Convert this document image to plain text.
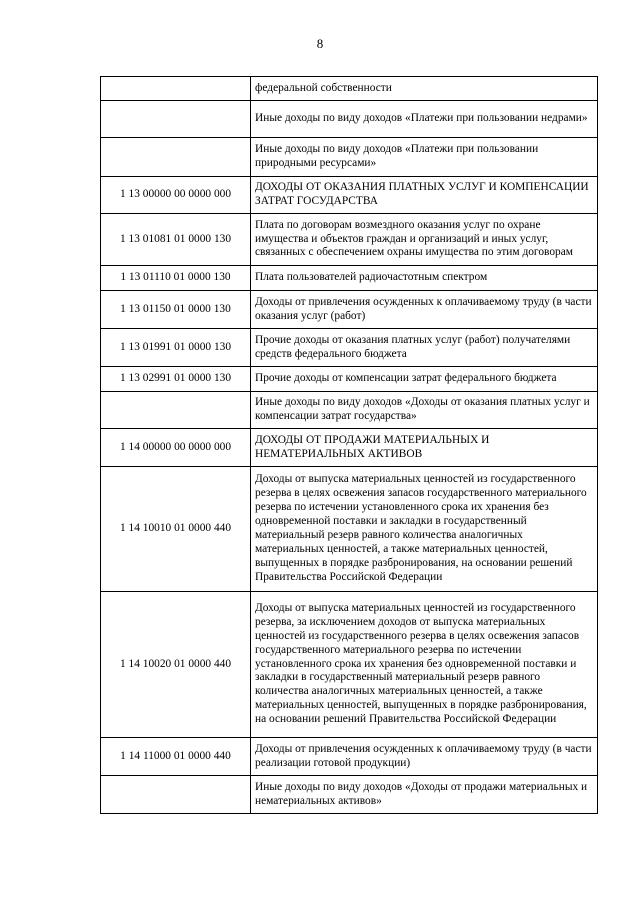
8
	федеральной собственности
	Иные доходы по виду доходов «Платежи при пользовании недрами»
	Иные доходы по виду доходов «Платежи при пользовании природными ресурсами»
1 13 00000 00 0000 000	ДОХОДЫ ОТ ОКАЗАНИЯ ПЛАТНЫХ УСЛУГ И КОМПЕНСАЦИИ ЗАТРАТ ГОСУДАРСТВА
1 13 01081 01 0000 130	Плата по договорам возмездного оказания услуг по охране имущества и объектов граждан и организаций и иных услуг, связанных с обеспечением охраны имущества по этим договорам
1 13 01110 01 0000 130	Плата пользователей радиочастотным спектром
1 13 01150 01 0000 130	Доходы от привлечения осужденных к оплачиваемому труду (в части оказания услуг (работ)
1 13 01991 01 0000 130	Прочие доходы от оказания платных услуг (работ) получателями средств федерального бюджета
1 13 02991 01 0000 130	Прочие доходы от компенсации затрат федерального бюджета
	Иные доходы по виду доходов «Доходы от оказания платных услуг и компенсации затрат государства»
1 14 00000 00 0000 000	ДОХОДЫ ОТ ПРОДАЖИ МАТЕРИАЛЬНЫХ И НЕМАТЕРИАЛЬНЫХ АКТИВОВ
1 14 10010 01 0000 440	Доходы от выпуска материальных ценностей из государственного резерва в целях освежения запасов государственного материального резерва по истечении установленного срока их хранения без одновременной поставки и закладки в государственный материальный резерв равного количества аналогичных материальных ценностей, а также материальных ценностей, выпущенных в порядке разбронирования, на основании решений Правительства Российской Федерации
1 14 10020 01 0000 440	Доходы от выпуска материальных ценностей из государственного резерва, за исключением доходов от выпуска материальных ценностей из государственного резерва в целях освежения запасов государственного материального резерва по истечении установленного срока их хранения без одновременной поставки и закладки в государственный материальный резерв равного количества аналогичных материальных ценностей, а также материальных ценностей, выпущенных в порядке разбронирования, на основании решений Правительства Российской Федерации
1 14 11000 01 0000 440	Доходы от привлечения осужденных к оплачиваемому труду (в части реализации готовой продукции)
	Иные доходы по виду доходов «Доходы от продажи материальных и нематериальных активов»
